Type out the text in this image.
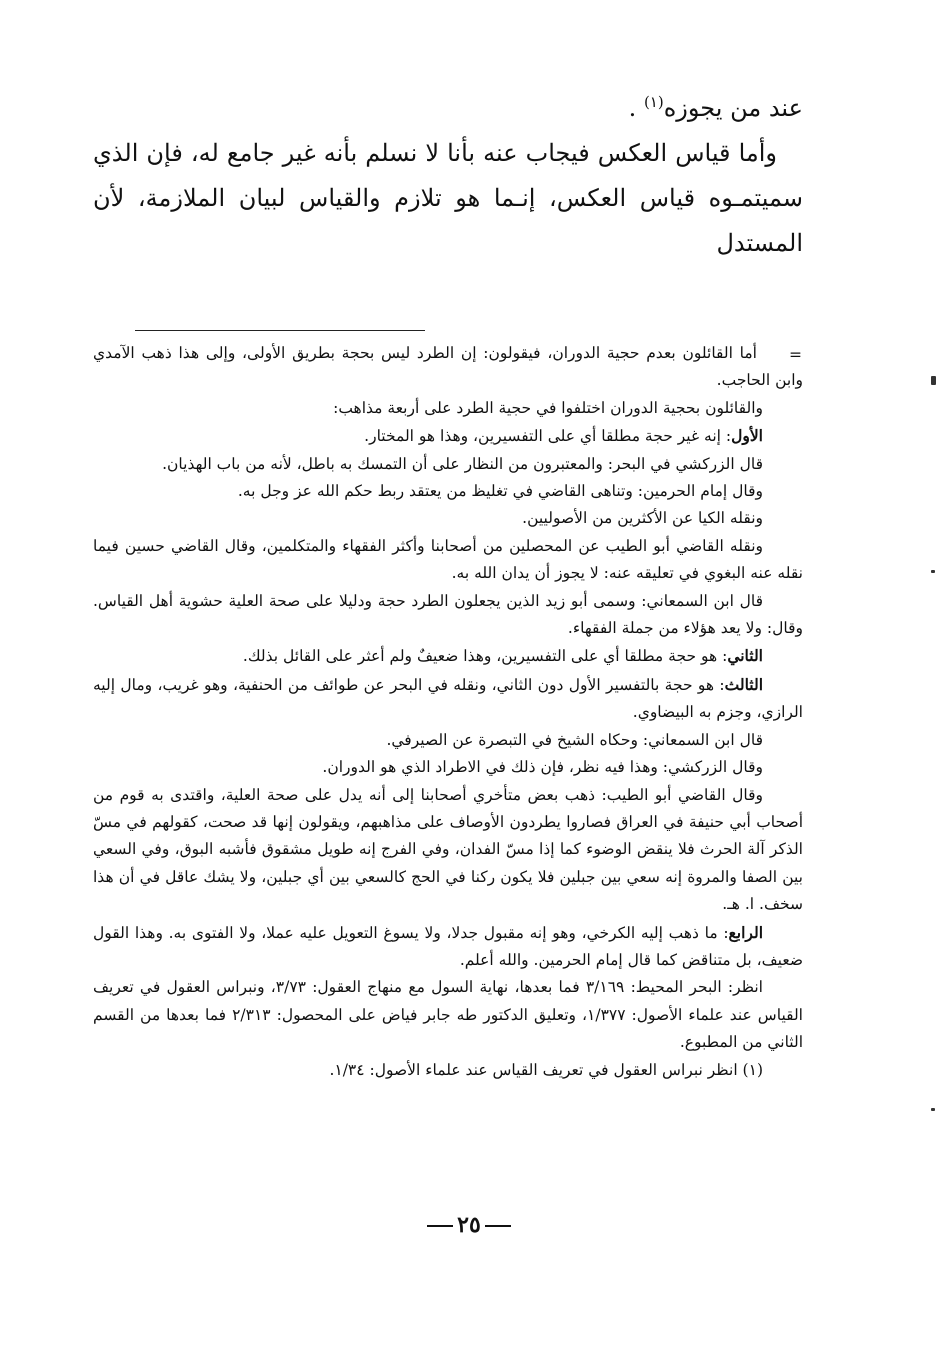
عند من يجوزه$^{(١)}$ .

وأما قياس العكس فيجاب عنه بأنا لا نسلم بأنه غير جامع له، فإن الذي سميتمـوه قياس العكس، إنـما هو تلازم والقياس لبيان الملازمة، لأن المستدل

=

أما القائلون بعدم حجية الدوران، فيقولون: إن الطرد ليس بحجة بطريق الأولى، وإلى هذا ذهب الآمدي وابن الحاجب.

والقائلون بحجية الدوران اختلفوا في حجية الطرد على أربعة مذاهب:

الأول: إنه غير حجة مطلقا أي على التفسيرين، وهذا هو المختار.

قال الزركشي في البحر: والمعتبرون من النظار على أن التمسك به باطل، لأنه من باب الهذيان.

وقال إمام الحرمين: وتناهى القاضي في تغليظ من يعتقد ربط حكم الله عز وجل به.

ونقله الكيا عن الأكثرين من الأصوليين.

ونقله القاضي أبو الطيب عن المحصلين من أصحابنا وأكثر الفقهاء والمتكلمين، وقال القاضي حسين فيما نقله عنه البغوي في تعليقه عنه: لا يجوز أن يدان الله به.

قال ابن السمعاني: وسمى أبو زيد الذين يجعلون الطرد حجة ودليلا على صحة العلية حشوية أهل القياس. وقال: ولا يعد هؤلاء من جملة الفقهاء.

الثاني: هو حجة مطلقا أي على التفسيرين، وهذا ضعيفٌ ولم أعثر على القائل بذلك.

الثالث: هو حجة بالتفسير الأول دون الثاني، ونقله في البحر عن طوائف من الحنفية، وهو غريب، ومال إليه الرازي، وجزم به البيضاوي.

قال ابن السمعاني: وحكاه الشيخ في التبصرة عن الصيرفي.

وقال الزركشي: وهذا فيه نظر، فإن ذلك في الاطراد الذي هو الدوران.

وقال القاضي أبو الطيب: ذهب بعض متأخري أصحابنا إلى أنه يدل على صحة العلية، واقتدى به قوم من أصحاب أبي حنيفة في العراق فصاروا يطردون الأوصاف على مذاهبهم، ويقولون إنها قد صحت، كقولهم في مسّ الذكر آلة الحرث فلا ينقض الوضوء كما إذا مسّ الفدان، وفي الفرج إنه طويل مشقوق فأشبه البوق، وفي السعي بين الصفا والمروة إنه سعي بين جبلين فلا يكون ركنا في الحج كالسعي بين أي جبلين، ولا يشك عاقل في أن هذا سخف. ا. هـ.

الرابع: ما ذهب إليه الكرخي، وهو إنه مقبول جدلا، ولا يسوغ التعويل عليه عملا، ولا الفتوى به. وهذا القول ضعيف، بل متناقض كما قال إمام الحرمين. والله أعلم.

انظر: البحر المحيط: ٣/١٦٩ فما بعدها، نهاية السول مع منهاج العقول: ٣/٧٣، ونبراس العقول في تعريف القياس عند علماء الأصول: ١/٣٧٧، وتعليق الدكتور طه جابر فياض على المحصول: ٢/٣١٣ فما بعدها من القسم الثاني من المطبوع.

(١) انظر نبراس العقول في تعريف القياس عند علماء الأصول: ١/٣٤.

٢٥
